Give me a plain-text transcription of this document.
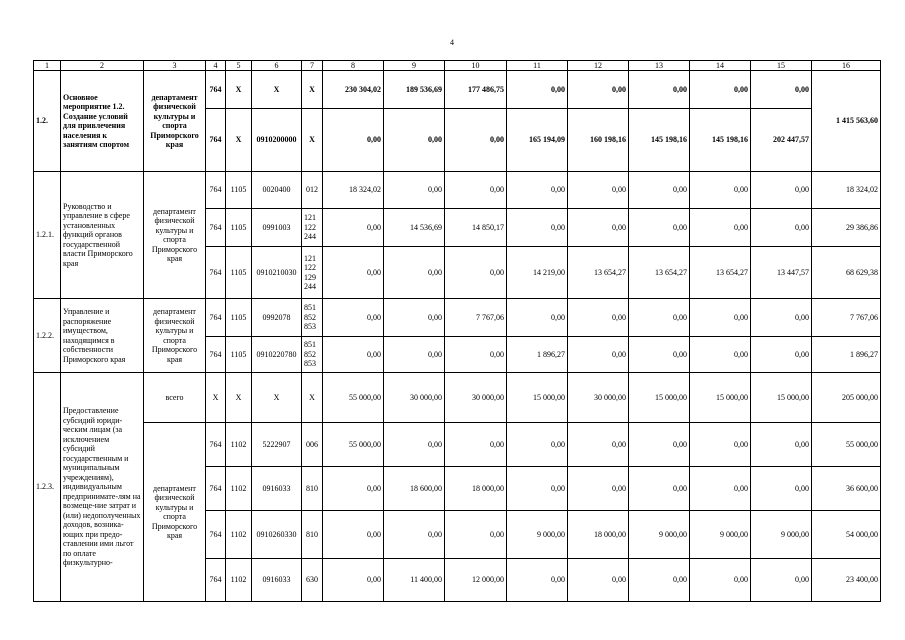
4
1	2	3	4	5	6	7	8	9	10	11	12	13	14	15	16
1.2.	Основное мероприятие 1.2. Создание условий для привлечения населения к занятиям спортом	департамент физической культуры и спорта Приморского края	764	X	X	X	230 304,02	189 536,69	177 486,75	0,00	0,00	0,00	0,00	0,00	1 415 563,60
			764	X	0910200000	X	0,00	0,00	0,00	165 194,09	160 198,16	145 198,16	145 198,16	202 447,57	
1.2.1.	Руководство и управление в сфере установленных функций органов государственной власти Приморского края	департамент физической культуры и спорта Приморского края	764	1105	0020400	012	18 324,02	0,00	0,00	0,00	0,00	0,00	0,00	0,00	18 324,02
			764	1105	0991003	121
122
244	0,00	14 536,69	14 850,17	0,00	0,00	0,00	0,00	0,00	29 386,86
			764	1105	0910210030	121
122
129
244	0,00	0,00	0,00	14 219,00	13 654,27	13 654,27	13 654,27	13 447,57	68 629,38
1.2.2.	Управление и распоряжение имуществом, находящимся в собственности Приморского края	департамент физической культуры и спорта Приморского края	764	1105	0992078	851
852
853	0,00	0,00	7 767,06	0,00	0,00	0,00	0,00	0,00	7 767,06
			764	1105	0910220780	851
852
853	0,00	0,00	0,00	1 896,27	0,00	0,00	0,00	0,00	1 896,27
1.2.3.	Предоставление субсидий юриди-ческим лицам (за исключением субсидий государственным и муниципальным учреждениям), индивидуальным предпринимате-лям на возмеще-ние затрат и (или) недополученных доходов, возника-ющих при предо-ставлении ими льгот по оплате физкультурно-	всего	X	X	X	X	55 000,00	30 000,00	30 000,00	15 000,00	30 000,00	15 000,00	15 000,00	15 000,00	205 000,00
		департамент физической культуры и спорта Приморского края	764	1102	5222907	006	55 000,00	0,00	0,00	0,00	0,00	0,00	0,00	0,00	55 000,00
			764	1102	0916033	810	0,00	18 600,00	18 000,00	0,00	0,00	0,00	0,00	0,00	36 600,00
			764	1102	0910260330	810	0,00	0,00	0,00	9 000,00	18 000,00	9 000,00	9 000,00	9 000,00	54 000,00
			764	1102	0916033	630	0,00	11 400,00	12 000,00	0,00	0,00	0,00	0,00	0,00	23 400,00
